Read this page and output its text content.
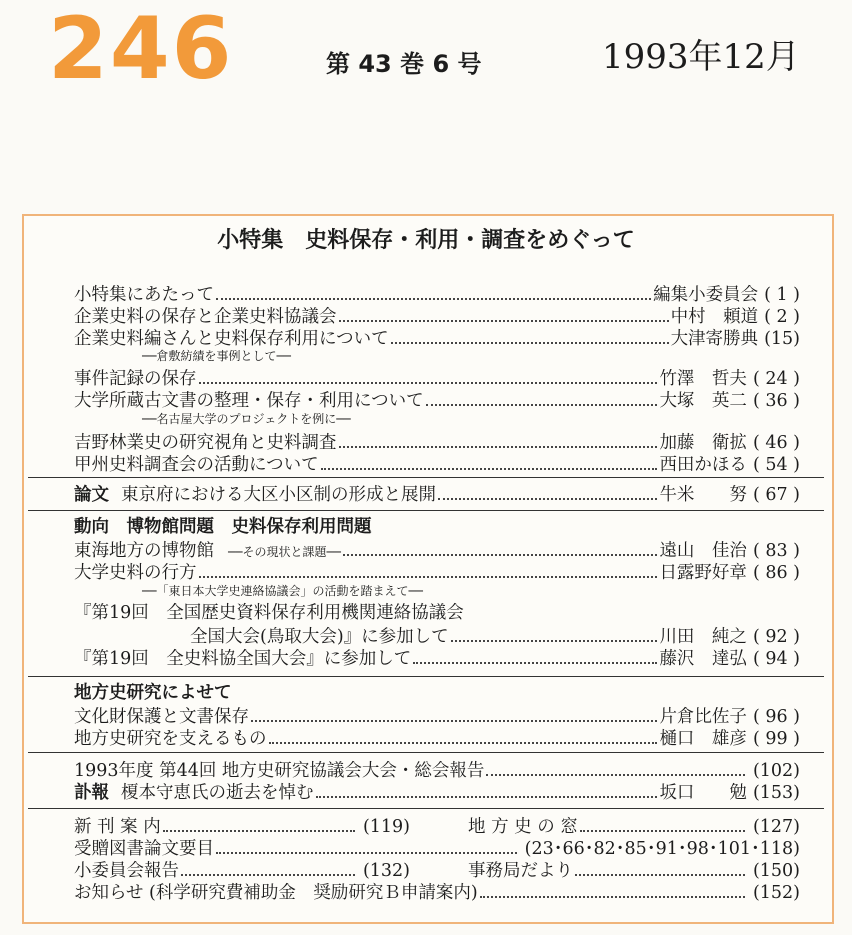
246	第 43 巻 6 号	1993年12月
小特集　史料保存・利用・調査をめぐって
小特集にあたって	編集小委員会 ( 1 )
企業史料の保存と企業史料協議会	中村　頼道 ( 2 )
企業史料編さんと史料保存利用について	大津寄勝典 (15)
──倉敷紡績を事例として──
事件記録の保存	竹澤　哲夫 ( 24 )
大学所蔵古文書の整理・保存・利用について	大塚　英二 ( 36 )
──名古屋大学のプロジェクトを例に──
吉野林業史の研究視角と史料調査	加藤　衛拡 ( 46 )
甲州史料調査会の活動について	西田かほる ( 54 )
論文 東京府における大区小区制の形成と展開	牛米　　努 ( 67 )
動向　博物館問題　史料保存利用問題
東海地方の博物館 ──その現状と課題──	遠山　佳治 ( 83 )
大学史料の行方	日露野好章 ( 86 )
──「東日本大学史連絡協議会」の活動を踏まえて──
『第19回　全国歴史資料保存利用機関連絡協議会
全国大会(鳥取大会)』に参加して	川田　純之 ( 92 )
『第19回　全史料協全国大会』に参加して	藤沢　達弘 ( 94 )
地方史研究によせて
文化財保護と文書保存	片倉比佐子 ( 96 )
地方史研究を支えるもの	樋口　雄彦 ( 99 )
1993年度 第44回 地方史研究協議会大会・総会報告	(102)
訃報 榎本守恵氏の逝去を悼む	坂口　　勉 (153)
新 刊 案 内	(119)	地 方 史 の 窓	(127)
受贈図書論文要目	(23･66･82･85･91･98･101･118)
小委員会報告	(132)	事務局だより	(150)
お知らせ (科学研究費補助金　奨励研究Ｂ申請案内)	(152)
